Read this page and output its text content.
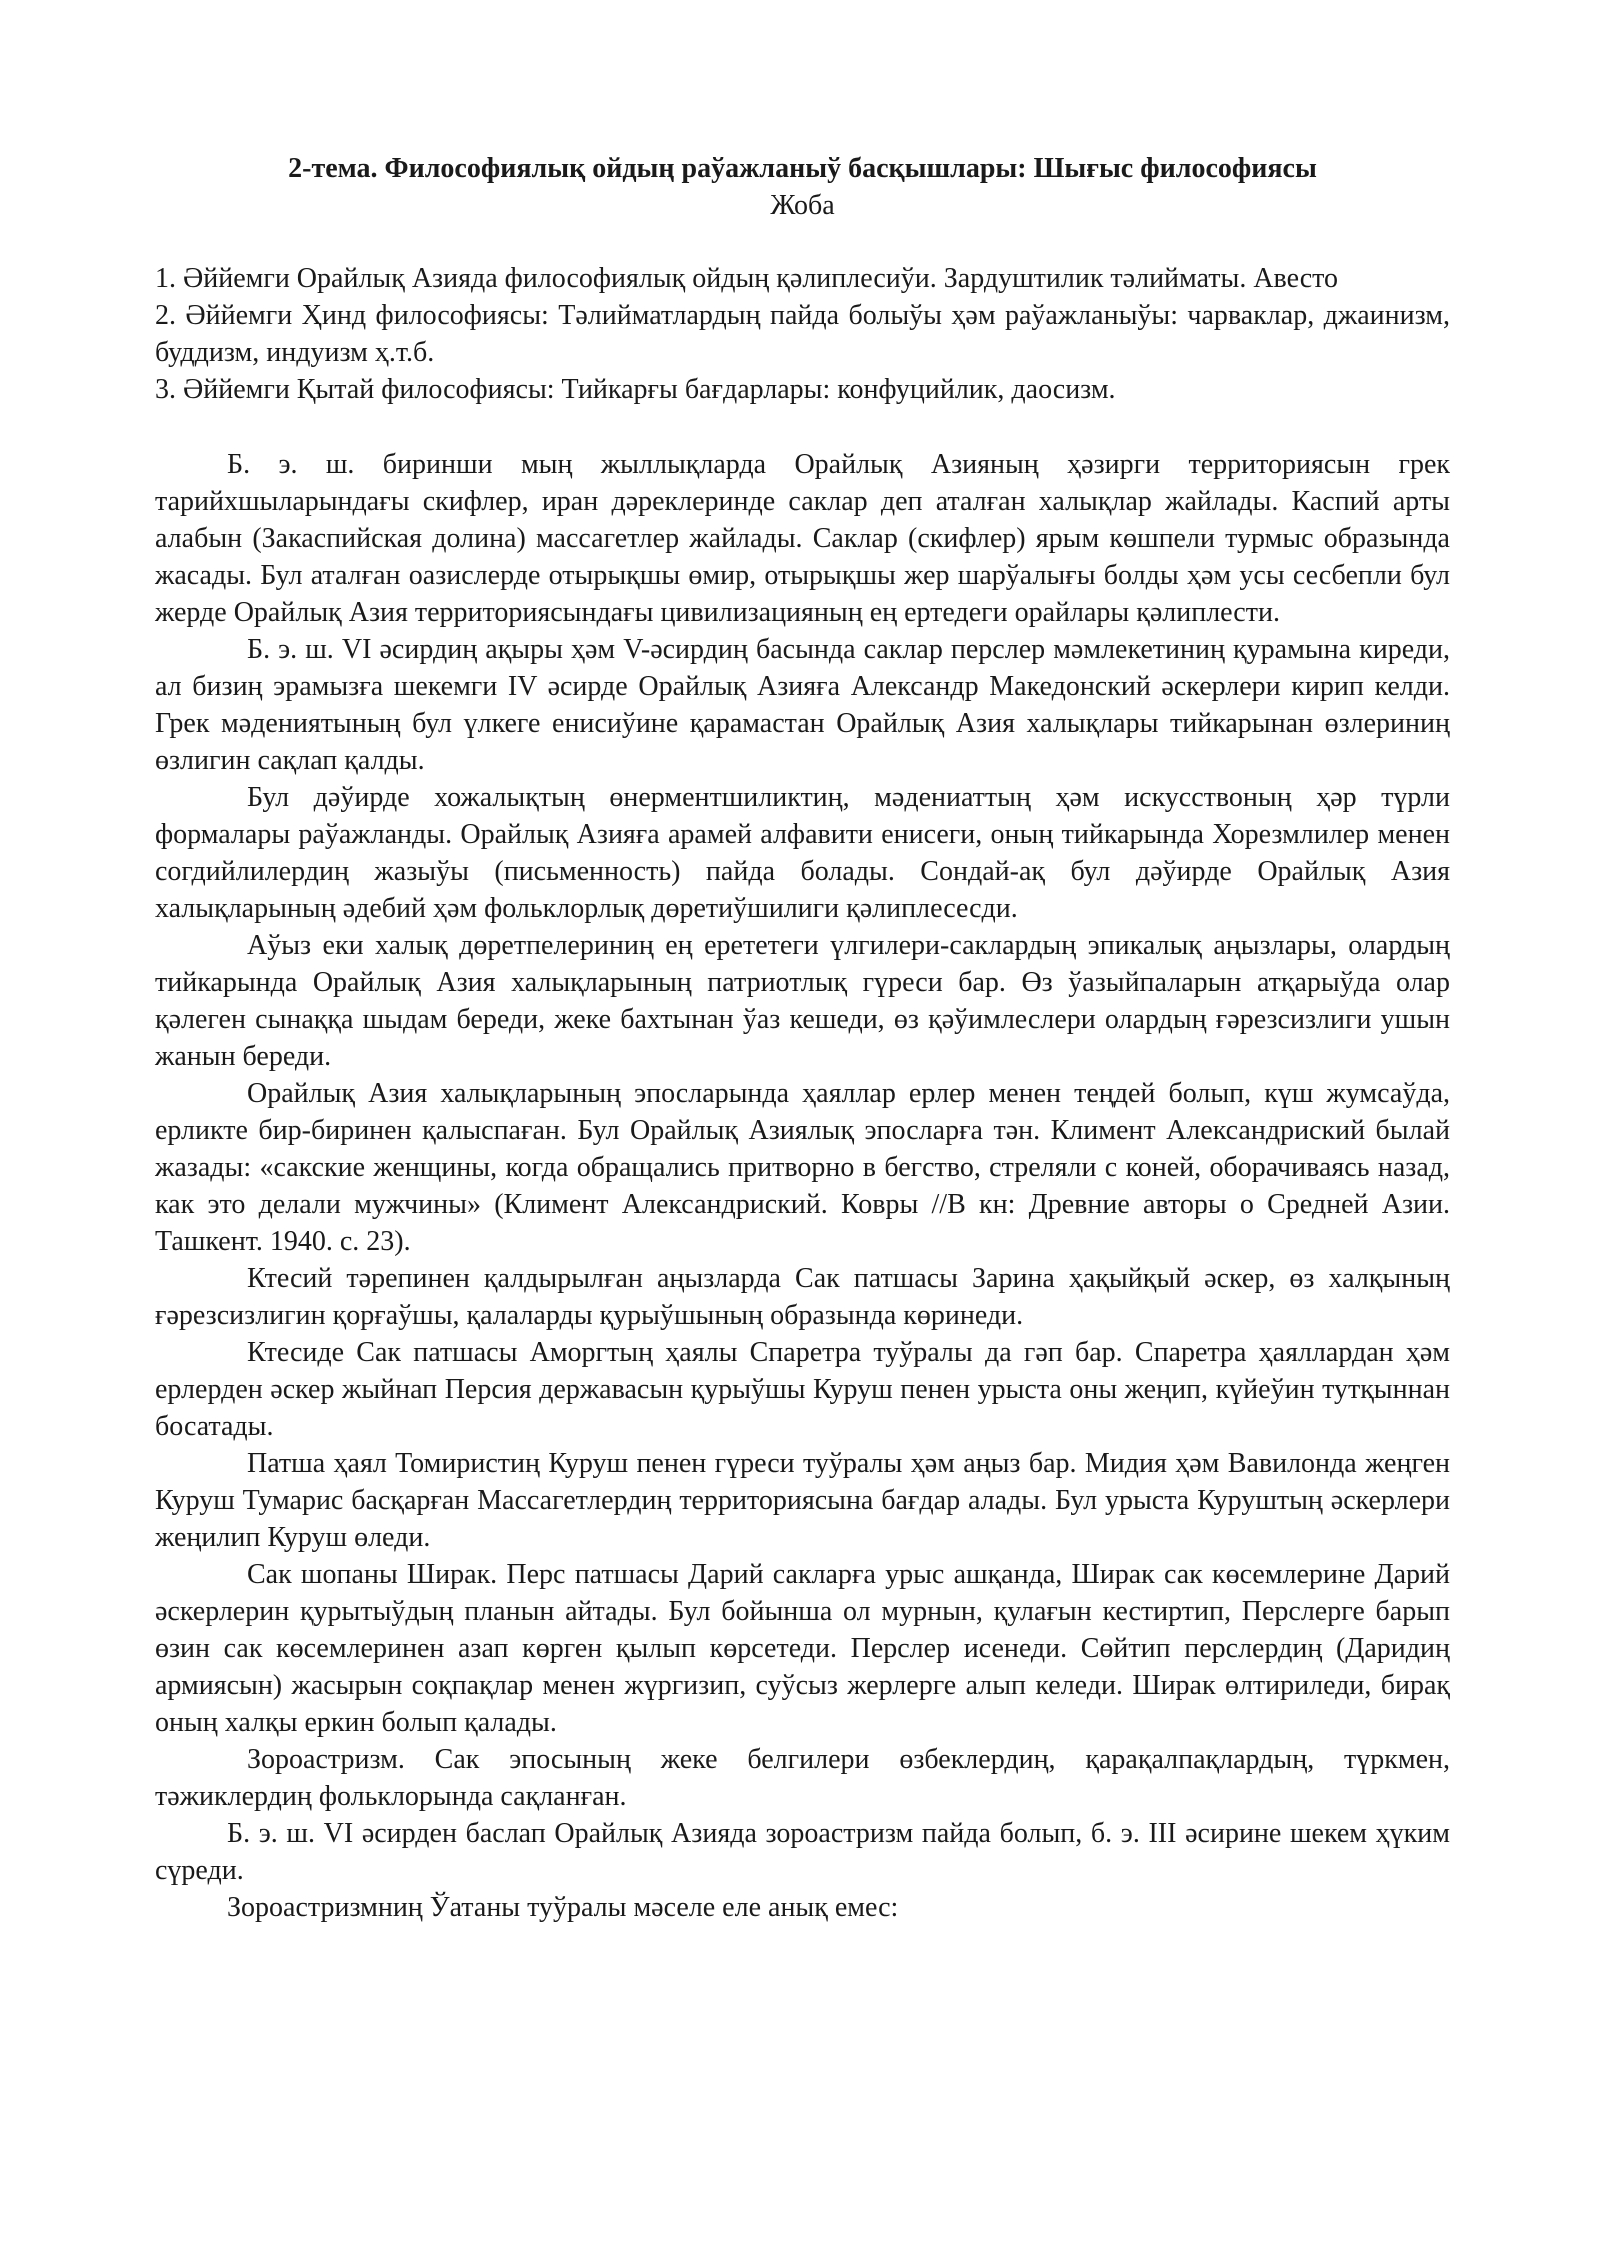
2-тема. Философиялық ойдың раўажланыў басқышлары: Шығыс философиясы

Жоба

1. Әййемги Орайлық Азияда философиялық ойдың қәлиплесиўи. Зардуштилик тәлийматы. Авесто

2. Әййемги Ҳинд философиясы: Тәлийматлардың пайда болыўы ҳәм раўажланыўы: чарваклар, джаинизм, буддизм, индуизм ҳ.т.б.

3. Әййемги Қытай философиясы: Тийкарғы бағдарлары: конфуцийлик, даосизм.

Б. э. ш. биринши мың жыллықларда Орайлық Азияның ҳәзирги территориясын грек тарийхшыларындағы скифлер, иран дәреклеринде саклар деп аталған халықлар жайлады. Каспий арты алабын (Закаспийская долина) массагетлер жайлады. Саклар (скифлер) ярым көшпели турмыс образында жасады. Бул аталған оазислерде отырықшы өмир, отырықшы жер шарўалығы болды ҳәм усы сесбепли бул жерде Орайлық Азия территориясындағы цивилизацияның ең ертедеги орайлары қәлиплести.

Б. э. ш. VI әсирдиң ақыры ҳәм V-әсирдиң басында саклар перслер мәмлекетиниң қурамына киреди, ал бизиң эрамызға шекемги IV әсирде Орайлық Азияға Александр Македонский әскерлери кирип келди. Грек мәдениятының бул үлкеге енисиўине қарамастан Орайлық Азия халықлары тийкарынан өзлериниң өзлигин сақлап қалды.

Бул дәўирде хожалықтың өнерментшиликтиң, мәдениаттың ҳәм искусствоның ҳәр түрли формалары раўажланды. Орайлық Азияға арамей алфавити енисеги, оның тийкарында Хорезмлилер менен согдийлилердиң жазыўы (письменность) пайда болады. Сондай-ақ бул дәўирде Орайлық Азия халықларының әдебий ҳәм фольклорлық дөретиўшилиги қәлиплесесди.

Аўыз еки халық дөретпелериниң ең ерететеги үлгилери-саклардың эпикалық аңызлары, олардың тийкарында Орайлық Азия халықларының патриотлық гүреси бар. Өз ўазыйпаларын атқарыўда олар қәлеген сынаққа шыдам береди, жеке бахтынан ўаз кешеди, өз қәўимлеслери олардың ғәрезсизлиги ушын жанын береди.

Орайлық Азия халықларының эпосларында ҳаяллар ерлер менен теңдей болып, күш жумсаўда, ерликте бир-биринен қалыспаған. Бул Орайлық Азиялық эпосларға тән. Климент Александриский былай жазады: «сакские женщины, когда обращались притворно в бегство, стреляли с коней, оборачиваясь назад, как это делали мужчины» (Климент Александриский. Ковры //В кн: Древние авторы о Средней Азии. Ташкент. 1940. с. 23).

Ктесий тәрепинен қалдырылған аңызларда Сак патшасы Зарина ҳақыйқый әскер, өз халқының ғәрезсизлигин қорғаўшы, қалаларды қурыўшының образында көринеди.

Ктесиде Сак патшасы Аморгтың ҳаялы Спаретра туўралы да гәп бар. Спаретра ҳаяллардан ҳәм ерлерден әскер жыйнап Персия державасын қурыўшы Куруш пенен урыста оны жеңип, күйеўин тутқыннан босатады.

Патша ҳаял Томиристиң Куруш пенен гүреси туўралы ҳәм аңыз бар. Мидия ҳәм Вавилонда жеңген Куруш Тумарис басқарған Массагетлердиң территориясына бағдар алады. Бул урыста Куруштың әскерлери жеңилип Куруш өледи.

Сак шопаны Ширак. Перс патшасы Дарий сакларға урыс ашқанда, Ширак сак көсемлерине Дарий әскерлерин қурытыўдың планын айтады. Бул бойынша ол мурнын, қулағын кестиртип, Перслерге барып өзин сак көсемлеринен азап көрген қылып көрсетеди. Перслер исенеди. Сөйтип перслердиң (Даридиң армиясын) жасырын соқпақлар менен жүргизип, суўсыз жерлерге алып келеди. Ширак өлтириледи, бирақ оның халқы еркин болып қалады.

Зороастризм. Сак эпосының жеке белгилери өзбеклердиң, қарақалпақлардың, түркмен, тәжиклердиң фольклорында сақланған.

Б. э. ш. VI әсирден баслап Орайлық Азияда зороастризм пайда болып, б. э. III әсирине шекем ҳүким сүреди.

Зороастризмниң Ўатаны туўралы мәселе еле анық емес:
